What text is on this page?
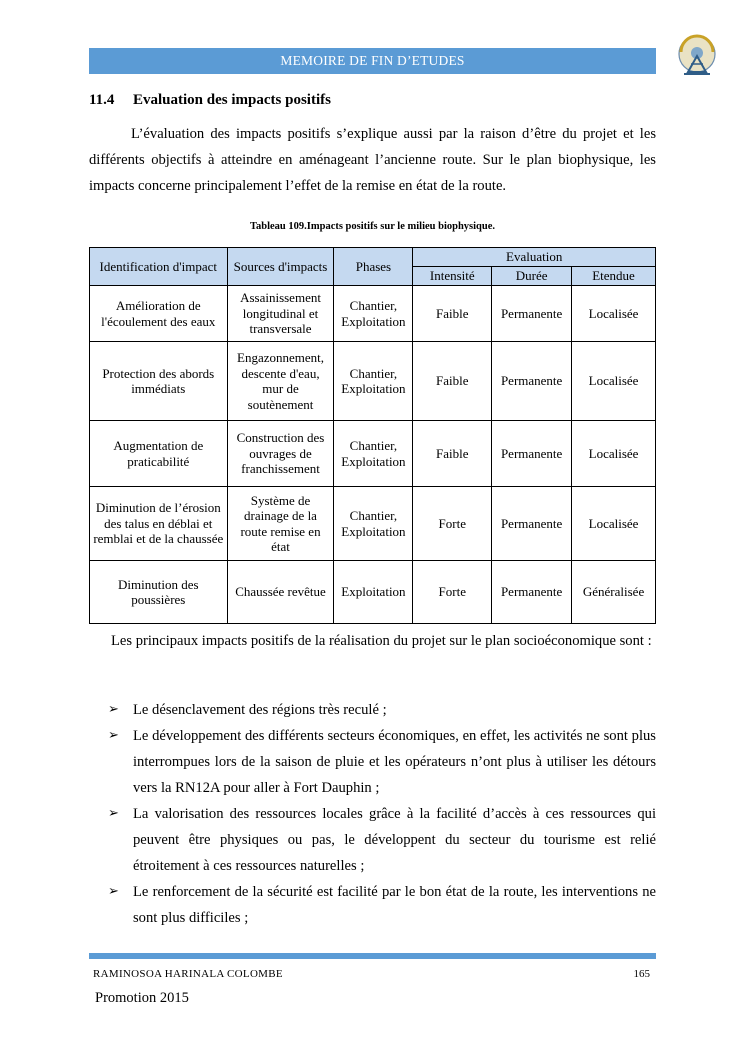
MEMOIRE DE FIN D’ETUDES
11.4 Evaluation des impacts positifs
L’évaluation des impacts positifs s’explique aussi par la raison d’être du projet et les différents objectifs à atteindre en aménageant l’ancienne route. Sur le plan biophysique, les impacts concerne principalement l’effet de la remise en état de la route.
Tableau 109.Impacts positifs sur le milieu biophysique.
Identification d'impact	Sources d'impacts	Phases	Evaluation		
			Intensité	Durée	Etendue
Amélioration de l'écoulement des eaux	Assainissement longitudinal et transversale	Chantier, Exploitation	Faible	Permanente	Localisée
Protection des abords immédiats	Engazonnement, descente d'eau, mur de soutènement	Chantier, Exploitation	Faible	Permanente	Localisée
Augmentation de praticabilité	Construction des ouvrages de franchissement	Chantier, Exploitation	Faible	Permanente	Localisée
Diminution de l’érosion des talus en déblai et remblai et de la chaussée	Système de drainage de la route remise en état	Chantier, Exploitation	Forte	Permanente	Localisée
Diminution des poussières	Chaussée revêtue	Exploitation	Forte	Permanente	Généralisée
Les principaux impacts positifs de la réalisation du projet sur le plan socioéconomique sont :
➢ Le désenclavement des régions très reculé ;
➢ Le développement des différents secteurs économiques, en effet, les activités ne sont plus interrompues lors de la saison de pluie et les opérateurs n’ont plus à utiliser les détours vers la RN12A pour aller à Fort Dauphin ;
➢ La valorisation des ressources locales grâce à la facilité d’accès à ces ressources qui peuvent être physiques ou pas, le développent du secteur du tourisme est relié étroitement à ces ressources naturelles ;
➢ Le renforcement de la sécurité est facilité par le bon état de la route, les interventions ne sont plus difficiles ;
RAMINOSOA HARINALA COLOMBE	165
Promotion 2015
